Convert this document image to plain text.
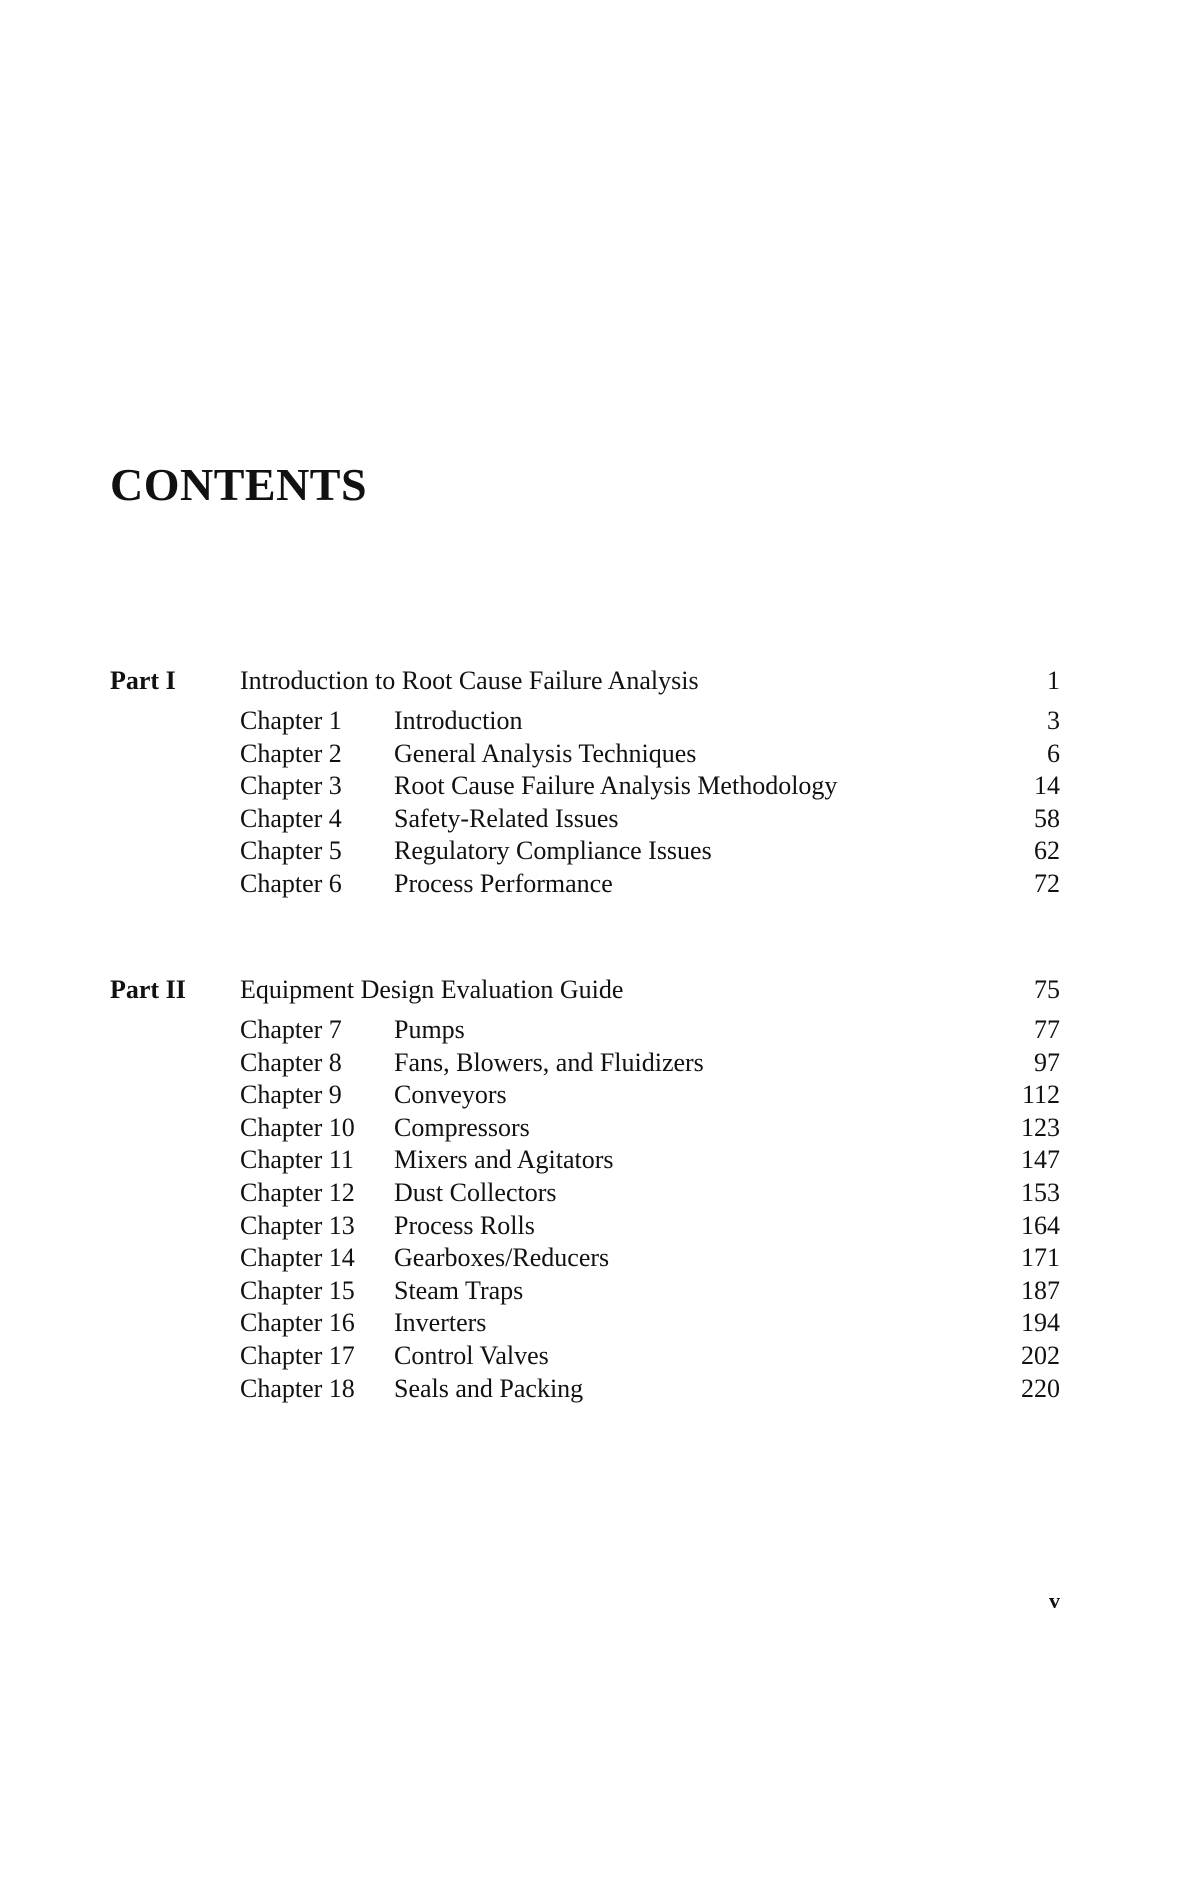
CONTENTS
Part I Introduction to Root Cause Failure Analysis	1
Chapter 1 Introduction	3
Chapter 2 General Analysis Techniques	6
Chapter 3 Root Cause Failure Analysis Methodology	14
Chapter 4 Safety-Related Issues	58
Chapter 5 Regulatory Compliance Issues	62
Chapter 6 Process Performance	72
Part II Equipment Design Evaluation Guide	75
Chapter 7 Pumps	77
Chapter 8 Fans, Blowers, and Fluidizers	97
Chapter 9 Conveyors	112
Chapter 10 Compressors	123
Chapter 11 Mixers and Agitators	147
Chapter 12 Dust Collectors	153
Chapter 13 Process Rolls	164
Chapter 14 Gearboxes/Reducers	171
Chapter 15 Steam Traps	187
Chapter 16 Inverters	194
Chapter 17 Control Valves	202
Chapter 18 Seals and Packing	220
v
